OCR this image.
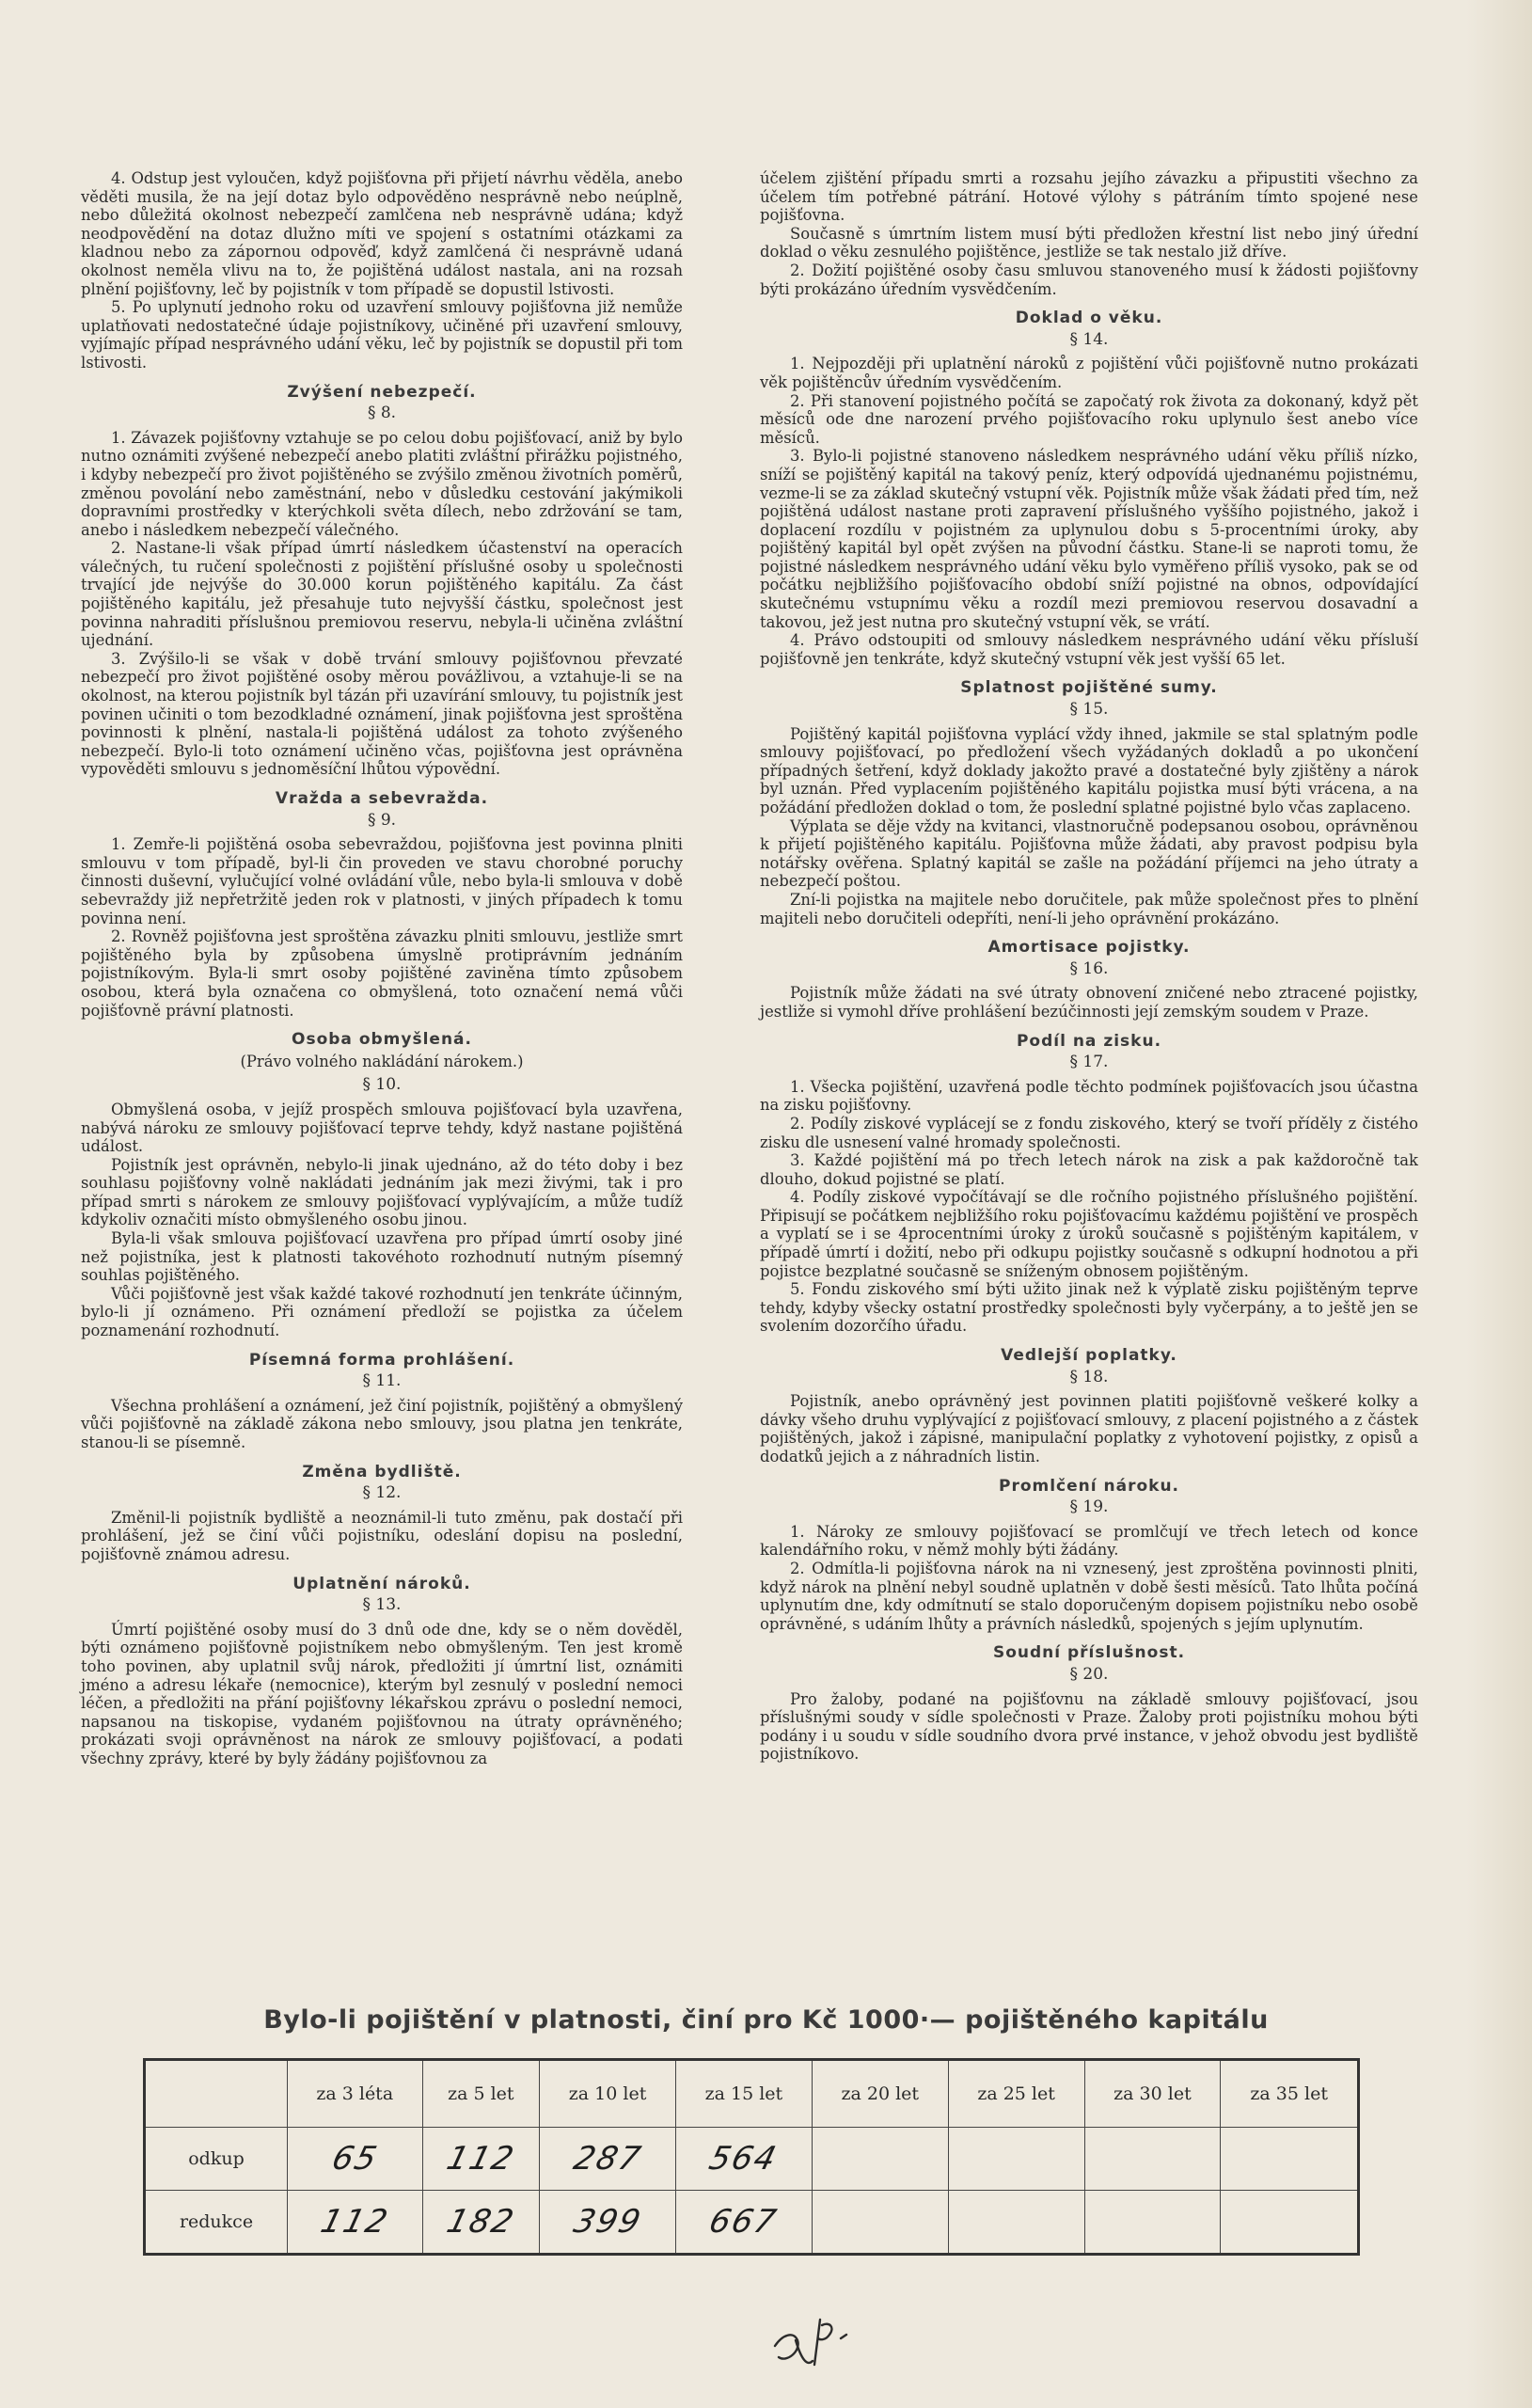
4. Odstup jest vyloučen, když pojišťovna při přijetí návrhu věděla, anebo věděti musila, že na její dotaz bylo odpověděno nesprávně nebo neúplně, nebo důležitá okolnost nebezpečí zamlčena neb nesprávně udána; když neodpovědění na dotaz dlužno míti ve spojení s ostatními otázkami za kladnou nebo za zápornou odpověď, když zamlčená či nesprávně udaná okolnost neměla vlivu na to, že pojištěná událost nastala, ani na rozsah plnění pojišťovny, leč by pojistník v tom případě se dopustil lstivosti.

5. Po uplynutí jednoho roku od uzavření smlouvy pojišťovna již nemůže uplatňovati nedostatečné údaje pojistníkovy, učiněné při uzavření smlouvy, vyjímajíc případ nesprávného udání věku, leč by pojistník se dopustil při tom lstivosti.

Zvýšení nebezpečí.
§ 8.

1. Závazek pojišťovny vztahuje se po celou dobu pojišťovací, aniž by bylo nutno oznámiti zvýšené nebezpečí anebo platiti zvláštní přirážku pojistného, i kdyby nebezpečí pro život pojištěného se zvýšilo změnou životních poměrů, změnou povolání nebo zaměstnání, nebo v důsledku cestování jakýmikoli dopravními prostředky v kterýchkoli světa dílech, nebo zdržování se tam, anebo i následkem nebezpečí válečného.

2. Nastane-li však případ úmrtí následkem účastenství na operacích válečných, tu ručení společnosti z pojištění příslušné osoby u společnosti trvající jde nejvýše do 30.000 korun pojištěného kapitálu. Za část pojištěného kapitálu, jež přesahuje tuto nejvyšší částku, společnost jest povinna nahraditi příslušnou premiovou reservu, nebyla-li učiněna zvláštní ujednání.

3. Zvýšilo-li se však v době trvání smlouvy pojišťovnou převzaté nebezpečí pro život pojištěné osoby měrou povážlivou, a vztahuje-li se na okolnost, na kterou pojistník byl tázán při uzavírání smlouvy, tu pojistník jest povinen učiniti o tom bezodkladné oznámení, jinak pojišťovna jest sproštěna povinnosti k plnění, nastala-li pojištěná událost za tohoto zvýšeného nebezpečí. Bylo-li toto oznámení učiněno včas, pojišťovna jest oprávněna vypověděti smlouvu s jednoměsíční lhůtou výpovědní.

Vražda a sebevražda.
§ 9.

1. Zemře-li pojištěná osoba sebevraždou, pojišťovna jest povinna plniti smlouvu v tom případě, byl-li čin proveden ve stavu chorobné poruchy činnosti duševní, vylučující volné ovládání vůle, nebo byla-li smlouva v době sebevraždy již nepřetržitě jeden rok v platnosti, v jiných případech k tomu povinna není.

2. Rovněž pojišťovna jest sproštěna závazku plniti smlouvu, jestliže smrt pojištěného byla by způsobena úmyslně protiprávním jednáním pojistníkovým. Byla-li smrt osoby pojištěné zaviněna tímto způsobem osobou, která byla označena co obmyšlená, toto označení nemá vůči pojišťovně právní platnosti.

Osoba obmyšlená.
(Právo volného nakládání nárokem.)
§ 10.

Obmyšlená osoba, v jejíž prospěch smlouva pojišťovací byla uzavřena, nabývá nároku ze smlouvy pojišťovací teprve tehdy, když nastane pojištěná událost.

Pojistník jest oprávněn, nebylo-li jinak ujednáno, až do této doby i bez souhlasu pojišťovny volně nakládati jednáním jak mezi živými, tak i pro případ smrti s nárokem ze smlouvy pojišťovací vyplývajícím, a může tudíž kdykoliv označiti místo obmyšleného osobu jinou.

Byla-li však smlouva pojišťovací uzavřena pro případ úmrtí osoby jiné než pojistníka, jest k platnosti takovéhoto rozhodnutí nutným písemný souhlas pojištěného.

Vůči pojišťovně jest však každé takové rozhodnutí jen tenkráte účinným, bylo-li jí oznámeno. Při oznámení předloží se pojistka za účelem poznamenání rozhodnutí.

Písemná forma prohlášení.
§ 11.

Všechna prohlášení a oznámení, jež činí pojistník, pojištěný a obmyšlený vůči pojišťovně na základě zákona nebo smlouvy, jsou platna jen tenkráte, stanou-li se písemně.

Změna bydliště.
§ 12.

Změnil-li pojistník bydliště a neoznámil-li tuto změnu, pak dostačí při prohlášení, jež se činí vůči pojistníku, odeslání dopisu na poslední, pojišťovně známou adresu.

Uplatnění nároků.
§ 13.

Úmrtí pojištěné osoby musí do 3 dnů ode dne, kdy se o něm dověděl, býti oznámeno pojišťovně pojistníkem nebo obmyšleným. Ten jest kromě toho povinen, aby uplatnil svůj nárok, předložiti jí úmrtní list, oznámiti jméno a adresu lékaře (nemocnice), kterým byl zesnulý v poslední nemoci léčen, a předložiti na přání pojišťovny lékařskou zprávu o poslední nemoci, napsanou na tiskopise, vydaném pojišťovnou na útraty oprávněného; prokázati svoji oprávněnost na nárok ze smlouvy pojišťovací, a podati všechny zprávy, které by byly žádány pojišťovnou za

účelem zjištění případu smrti a rozsahu jejího závazku a připustiti všechno za účelem tím potřebné pátrání. Hotové výlohy s pátráním tímto spojené nese pojišťovna.

Současně s úmrtním listem musí býti předložen křestní list nebo jiný úřední doklad o věku zesnulého pojištěnce, jestliže se tak nestalo již dříve.

2. Dožití pojištěné osoby času smluvou stanoveného musí k žádosti pojišťovny býti prokázáno úředním vysvědčením.

Doklad o věku.
§ 14.

1. Nejpozději při uplatnění nároků z pojištění vůči pojišťovně nutno prokázati věk pojištěncův úředním vysvědčením.

2. Při stanovení pojistného počítá se započatý rok života za dokonaný, když pět měsíců ode dne narození prvého pojišťovacího roku uplynulo šest anebo více měsíců.

3. Bylo-li pojistné stanoveno následkem nesprávného udání věku příliš nízko, sníží se pojištěný kapitál na takový peníz, který odpovídá ujednanému pojistnému, vezme-li se za základ skutečný vstupní věk. Pojistník může však žádati před tím, než pojištěná událost nastane proti zapravení příslušného vyššího pojistného, jakož i doplacení rozdílu v pojistném za uplynulou dobu s 5-procentními úroky, aby pojištěný kapitál byl opět zvýšen na původní částku. Stane-li se naproti tomu, že pojistné následkem nesprávného udání věku bylo vyměřeno příliš vysoko, pak se od počátku nejbližšího pojišťovacího období sníží pojistné na obnos, odpovídající skutečnému vstupnímu věku a rozdíl mezi premiovou reservou dosavadní a takovou, jež jest nutna pro skutečný vstupní věk, se vrátí.

4. Právo odstoupiti od smlouvy následkem nesprávného udání věku přísluší pojišťovně jen tenkráte, když skutečný vstupní věk jest vyšší 65 let.

Splatnost pojištěné sumy.
§ 15.

Pojištěný kapitál pojišťovna vyplácí vždy ihned, jakmile se stal splatným podle smlouvy pojišťovací, po předložení všech vyžádaných dokladů a po ukončení případných šetření, když doklady jakožto pravé a dostatečné byly zjištěny a nárok byl uznán. Před vyplacením pojištěného kapitálu pojistka musí býti vrácena, a na požádání předložen doklad o tom, že poslední splatné pojistné bylo včas zaplaceno.

Výplata se děje vždy na kvitanci, vlastnoručně podepsanou osobou, oprávněnou k přijetí pojištěného kapitálu. Pojišťovna může žádati, aby pravost podpisu byla notářsky ověřena. Splatný kapitál se zašle na požádání příjemci na jeho útraty a nebezpečí poštou.

Zní-li pojistka na majitele nebo doručitele, pak může společnost přes to plnění majiteli nebo doručiteli odepříti, není-li jeho oprávnění prokázáno.

Amortisace pojistky.
§ 16.

Pojistník může žádati na své útraty obnovení zničené nebo ztracené pojistky, jestliže si vymohl dříve prohlášení bezúčinnosti její zemským soudem v Praze.

Podíl na zisku.
§ 17.

1. Všecka pojištění, uzavřená podle těchto podmínek pojišťovacích jsou účastna na zisku pojišťovny.

2. Podíly ziskové vyplácejí se z fondu ziskového, který se tvoří příděly z čistého zisku dle usnesení valné hromady společnosti.

3. Každé pojištění má po třech letech nárok na zisk a pak každoročně tak dlouho, dokud pojistné se platí.

4. Podíly ziskové vypočítávají se dle ročního pojistného příslušného pojištění. Připisují se počátkem nejbližšího roku pojišťovacímu každému pojištění ve prospěch a vyplatí se i se 4procentními úroky z úroků současně s pojištěným kapitálem, v případě úmrtí i dožití, nebo při odkupu pojistky současně s odkupní hodnotou a při pojistce bezplatné současně se sníženým obnosem pojištěným.

5. Fondu ziskového smí býti užito jinak než k výplatě zisku pojištěným teprve tehdy, kdyby všecky ostatní prostředky společnosti byly vyčerpány, a to ještě jen se svolením dozorčího úřadu.

Vedlejší poplatky.
§ 18.

Pojistník, anebo oprávněný jest povinnen platiti pojišťovně veškeré kolky a dávky všeho druhu vyplývající z pojišťovací smlouvy, z placení pojistného a z částek pojištěných, jakož i zápisné, manipulační poplatky z vyhotovení pojistky, z opisů a dodatků jejich a z náhradních listin.

Promlčení nároku.
§ 19.

1. Nároky ze smlouvy pojišťovací se promlčují ve třech letech od konce kalendářního roku, v němž mohly býti žádány.

2. Odmítla-li pojišťovna nárok na ni vznesený, jest zproštěna povinnosti plniti, když nárok na plnění nebyl soudně uplatněn v době šesti měsíců. Tato lhůta počíná uplynutím dne, kdy odmítnutí se stalo doporučeným dopisem pojistníku nebo osobě oprávněné, s udáním lhůty a právních následků, spojených s jejím uplynutím.

Soudní příslušnost.
§ 20.

Pro žaloby, podané na pojišťovnu na základě smlouvy pojišťovací, jsou příslušnými soudy v sídle společnosti v Praze. Žaloby proti pojistníku mohou býti podány i u soudu v sídle soudního dvora prvé instance, v jehož obvodu jest bydliště pojistníkovo.

Bylo-li pojištění v platnosti, činí pro Kč 1000·— pojištěného kapitálu
	za 3 léta	za 5 let	za 10 let	za 15 let	za 20 let	za 25 let	za 30 let	za 35 let
odkup	65	112	287	564				
redukce	112	182	399	667				
